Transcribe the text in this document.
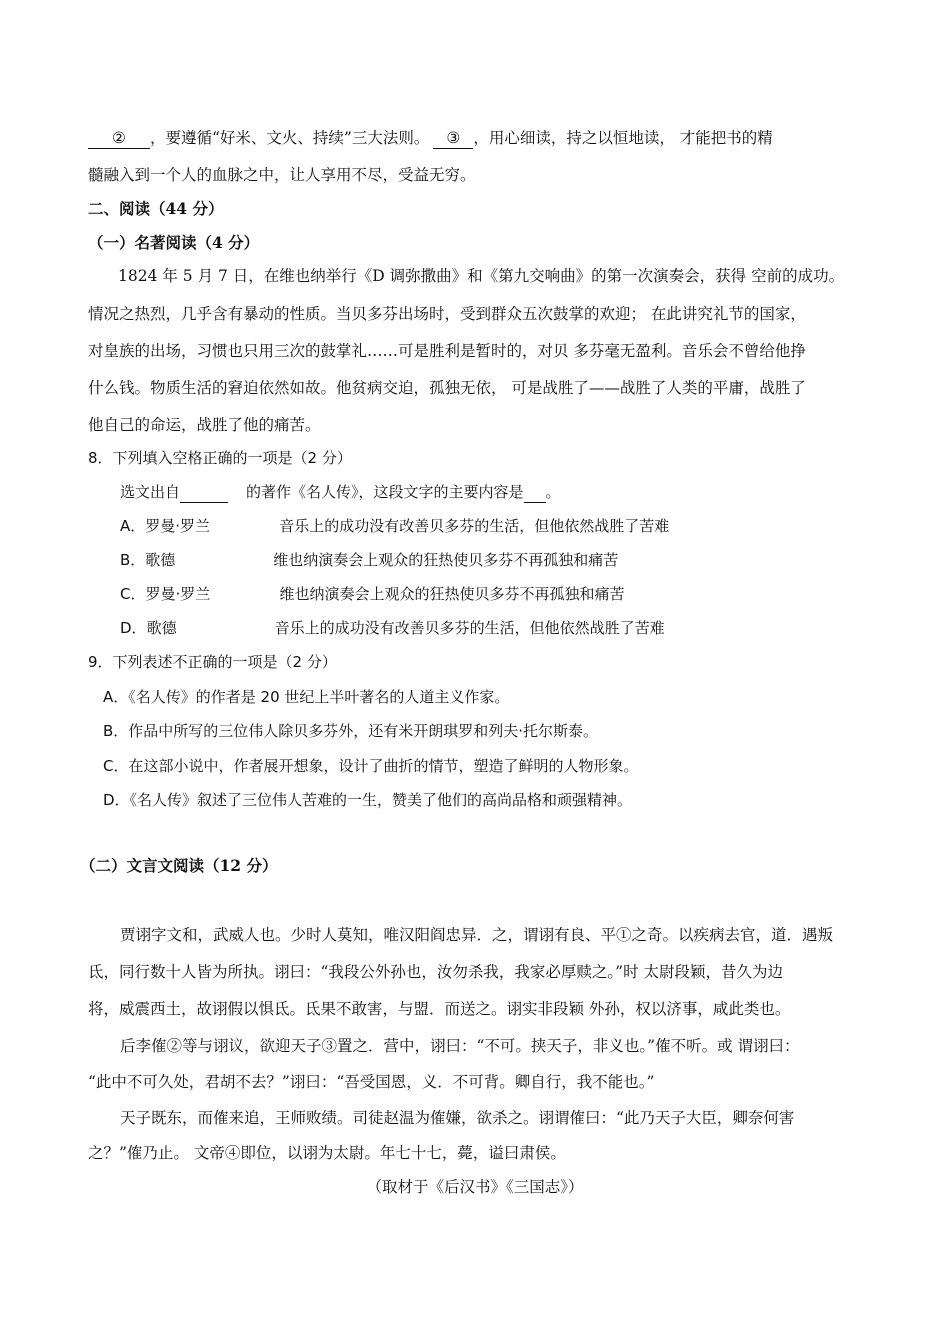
② ，要遵循“好米、文火、持续”三大法则。 ③ ，用心细读，持之以恒地读， 才能把书的精
髓融入到一个人的血脉之中，让人享用不尽，受益无穷。
二、阅读（44 分）
（一）名著阅读（4 分）
1824 年 5 月 7 日，在维也纳举行《D 调弥撒曲》和《第九交响曲》的第一次演奏会，获得 空前的成功。
情况之热烈，几乎含有暴动的性质。当贝多芬出场时，受到群众五次鼓掌的欢迎； 在此讲究礼节的国家，
对皇族的出场，习惯也只用三次的鼓掌礼……可是胜利是暂时的，对贝 多芬毫无盈利。音乐会不曾给他挣
什么钱。物质生活的窘迫依然如故。他贫病交迫，孤独无依， 可是战胜了——战胜了人类的平庸，战胜了
他自己的命运，战胜了他的痛苦。
8．下列填入空格正确的一项是（2 分）
选文出自	的著作《名人传》，这段文字的主要内容是 。
A．罗曼·罗兰	音乐上的成功没有改善贝多芬的生活，但他依然战胜了苦难
B．歌德	维也纳演奏会上观众的狂热使贝多芬不再孤独和痛苦
C．罗曼·罗兰	维也纳演奏会上观众的狂热使贝多芬不再孤独和痛苦
D．歌德	音乐上的成功没有改善贝多芬的生活，但他依然战胜了苦难
9．下列表述不正确的一项是（2 分）
A．《名人传》的作者是 20 世纪上半叶著名的人道主义作家。
B．作品中所写的三位伟人除贝多芬外，还有米开朗琪罗和列夫·托尔斯泰。
C．在这部小说中，作者展开想象，设计了曲折的情节，塑造了鲜明的人物形象。
D．《名人传》叙述了三位伟人苦难的一生，赞美了他们的高尚品格和顽强精神。
（二）文言文阅读（12 分）
贾诩字文和，武威人也。少时人莫知，唯汉阳阎忠异．之，谓诩有良、平①之奇。以疾病去官，道．遇叛
氐，同行数十人皆为所执。诩曰：“我段公外孙也，汝勿杀我，我家必厚赎之。”时 太尉段颖，昔久为边
将，威震西土，故诩假以惧氐。氐果不敢害，与盟．而送之。诩实非段颖 外孙，权以济事，咸此类也。
后李傕②等与诩议，欲迎天子③置之．营中，诩曰：“不可。挟天子，非义也。”傕不听。或 谓诩曰：
“此中不可久处，君胡不去？”诩曰：“吾受国恩，义．不可背。卿自行，我不能也。”
天子既东，而傕来追，王师败绩。司徒赵温为傕嫌，欲杀之。诩谓傕曰：“此乃天子大臣，卿奈何害
之？”傕乃止。 文帝④即位，以诩为太尉。年七十七，薨，谥曰肃侯。
（取材于《后汉书》《三国志》）
